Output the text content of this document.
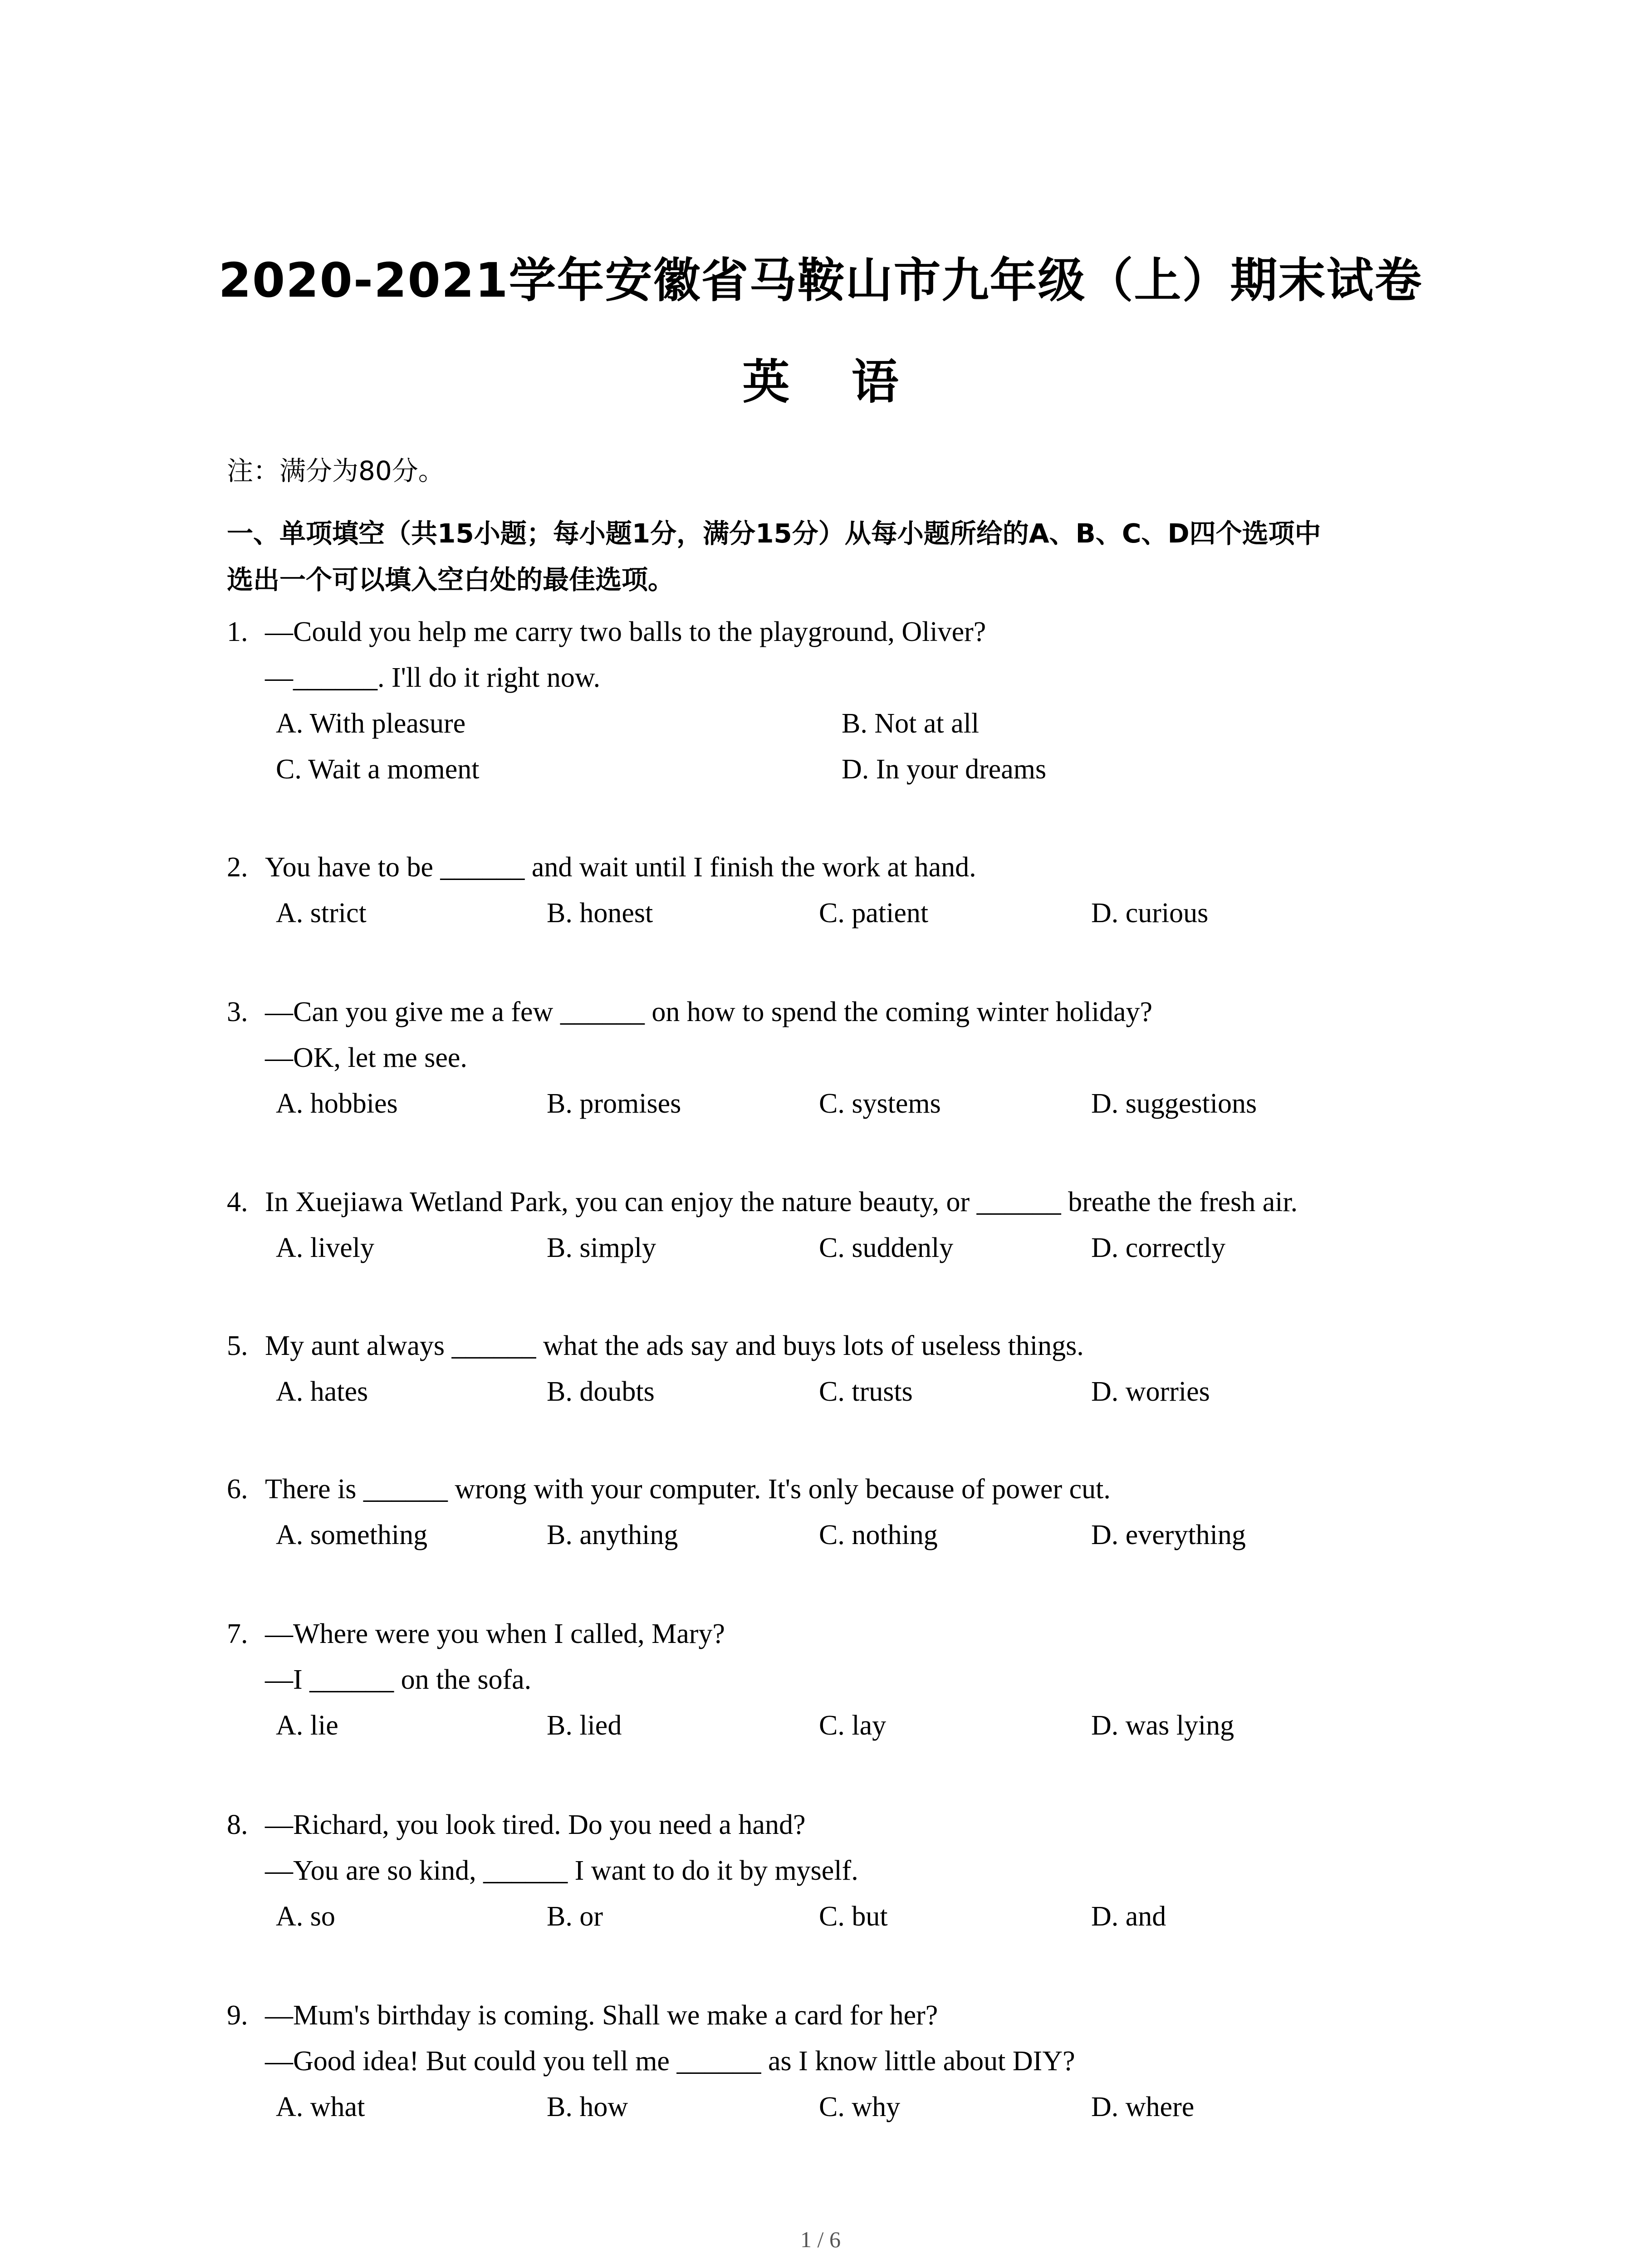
2020-2021学年安徽省马鞍山市九年级（上）期末试卷
英 语
注：满分为80分。
一、单项填空（共15小题；每小题1分，满分15分）从每小题所给的A、B、C、D四个选项中
选出一个可以填入空白处的最佳选项。
1. —Could you help me carry two balls to the playground, Oliver?
—______. I'll do it right now.
A. With pleasure	B. Not at all
C. Wait a moment	D. In your dreams
2. You have to be ______ and wait until I finish the work at hand.
A. strict	B. honest	C. patient	D. curious
3. —Can you give me a few ______ on how to spend the coming winter holiday?
—OK, let me see.
A. hobbies	B. promises	C. systems	D. suggestions
4. In Xuejiawa Wetland Park, you can enjoy the nature beauty, or ______ breathe the fresh air.
A. lively	B. simply	C. suddenly	D. correctly
5. My aunt always ______ what the ads say and buys lots of useless things.
A. hates	B. doubts	C. trusts	D. worries
6. There is ______ wrong with your computer. It's only because of power cut.
A. something	B. anything	C. nothing	D. everything
7. —Where were you when I called, Mary?
—I ______ on the sofa.
A. lie	B. lied	C. lay	D. was lying
8. —Richard, you look tired. Do you need a hand?
—You are so kind, ______ I want to do it by myself.
A. so	B. or	C. but	D. and
9. —Mum's birthday is coming. Shall we make a card for her?
—Good idea! But could you tell me ______ as I know little about DIY?
A. what	B. how	C. why	D. where
1 / 6
